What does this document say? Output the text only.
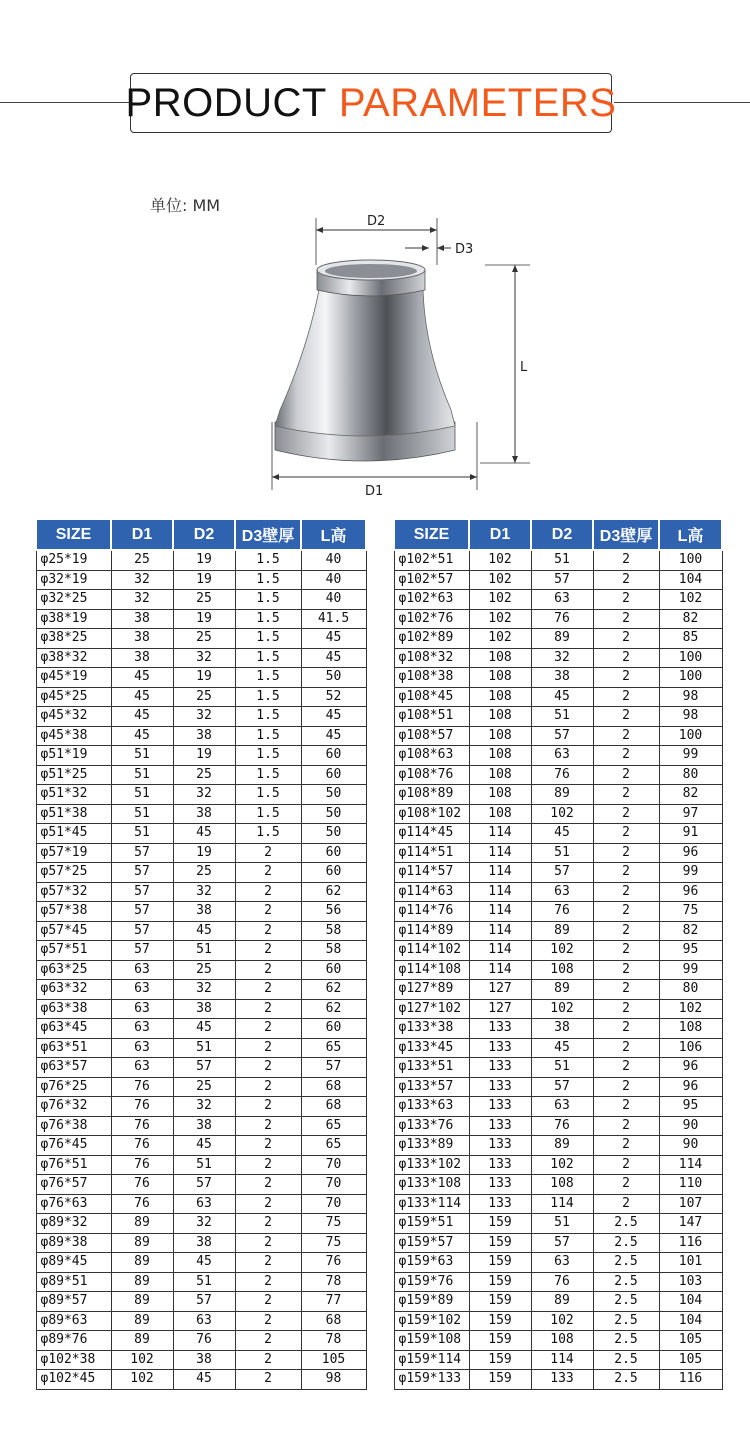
PRODUCT PARAMETERS
单位: MM
D2
D3
L
D1
SIZE	D1	D2	D3壁厚	L高
φ25*19	25	19	1.5	40
φ32*19	32	19	1.5	40
φ32*25	32	25	1.5	40
φ38*19	38	19	1.5	41.5
φ38*25	38	25	1.5	45
φ38*32	38	32	1.5	45
φ45*19	45	19	1.5	50
φ45*25	45	25	1.5	52
φ45*32	45	32	1.5	45
φ45*38	45	38	1.5	45
φ51*19	51	19	1.5	60
φ51*25	51	25	1.5	60
φ51*32	51	32	1.5	50
φ51*38	51	38	1.5	50
φ51*45	51	45	1.5	50
φ57*19	57	19	2	60
φ57*25	57	25	2	60
φ57*32	57	32	2	62
φ57*38	57	38	2	56
φ57*45	57	45	2	58
φ57*51	57	51	2	58
φ63*25	63	25	2	60
φ63*32	63	32	2	62
φ63*38	63	38	2	62
φ63*45	63	45	2	60
φ63*51	63	51	2	65
φ63*57	63	57	2	57
φ76*25	76	25	2	68
φ76*32	76	32	2	68
φ76*38	76	38	2	65
φ76*45	76	45	2	65
φ76*51	76	51	2	70
φ76*57	76	57	2	70
φ76*63	76	63	2	70
φ89*32	89	32	2	75
φ89*38	89	38	2	75
φ89*45	89	45	2	76
φ89*51	89	51	2	78
φ89*57	89	57	2	77
φ89*63	89	63	2	68
φ89*76	89	76	2	78
φ102*38	102	38	2	105
φ102*45	102	45	2	98
SIZE	D1	D2	D3壁厚	L高
φ102*51	102	51	2	100
φ102*57	102	57	2	104
φ102*63	102	63	2	102
φ102*76	102	76	2	82
φ102*89	102	89	2	85
φ108*32	108	32	2	100
φ108*38	108	38	2	100
φ108*45	108	45	2	98
φ108*51	108	51	2	98
φ108*57	108	57	2	100
φ108*63	108	63	2	99
φ108*76	108	76	2	80
φ108*89	108	89	2	82
φ108*102	108	102	2	97
φ114*45	114	45	2	91
φ114*51	114	51	2	96
φ114*57	114	57	2	99
φ114*63	114	63	2	96
φ114*76	114	76	2	75
φ114*89	114	89	2	82
φ114*102	114	102	2	95
φ114*108	114	108	2	99
φ127*89	127	89	2	80
φ127*102	127	102	2	102
φ133*38	133	38	2	108
φ133*45	133	45	2	106
φ133*51	133	51	2	96
φ133*57	133	57	2	96
φ133*63	133	63	2	95
φ133*76	133	76	2	90
φ133*89	133	89	2	90
φ133*102	133	102	2	114
φ133*108	133	108	2	110
φ133*114	133	114	2	107
φ159*51	159	51	2.5	147
φ159*57	159	57	2.5	116
φ159*63	159	63	2.5	101
φ159*76	159	76	2.5	103
φ159*89	159	89	2.5	104
φ159*102	159	102	2.5	104
φ159*108	159	108	2.5	105
φ159*114	159	114	2.5	105
φ159*133	159	133	2.5	116
